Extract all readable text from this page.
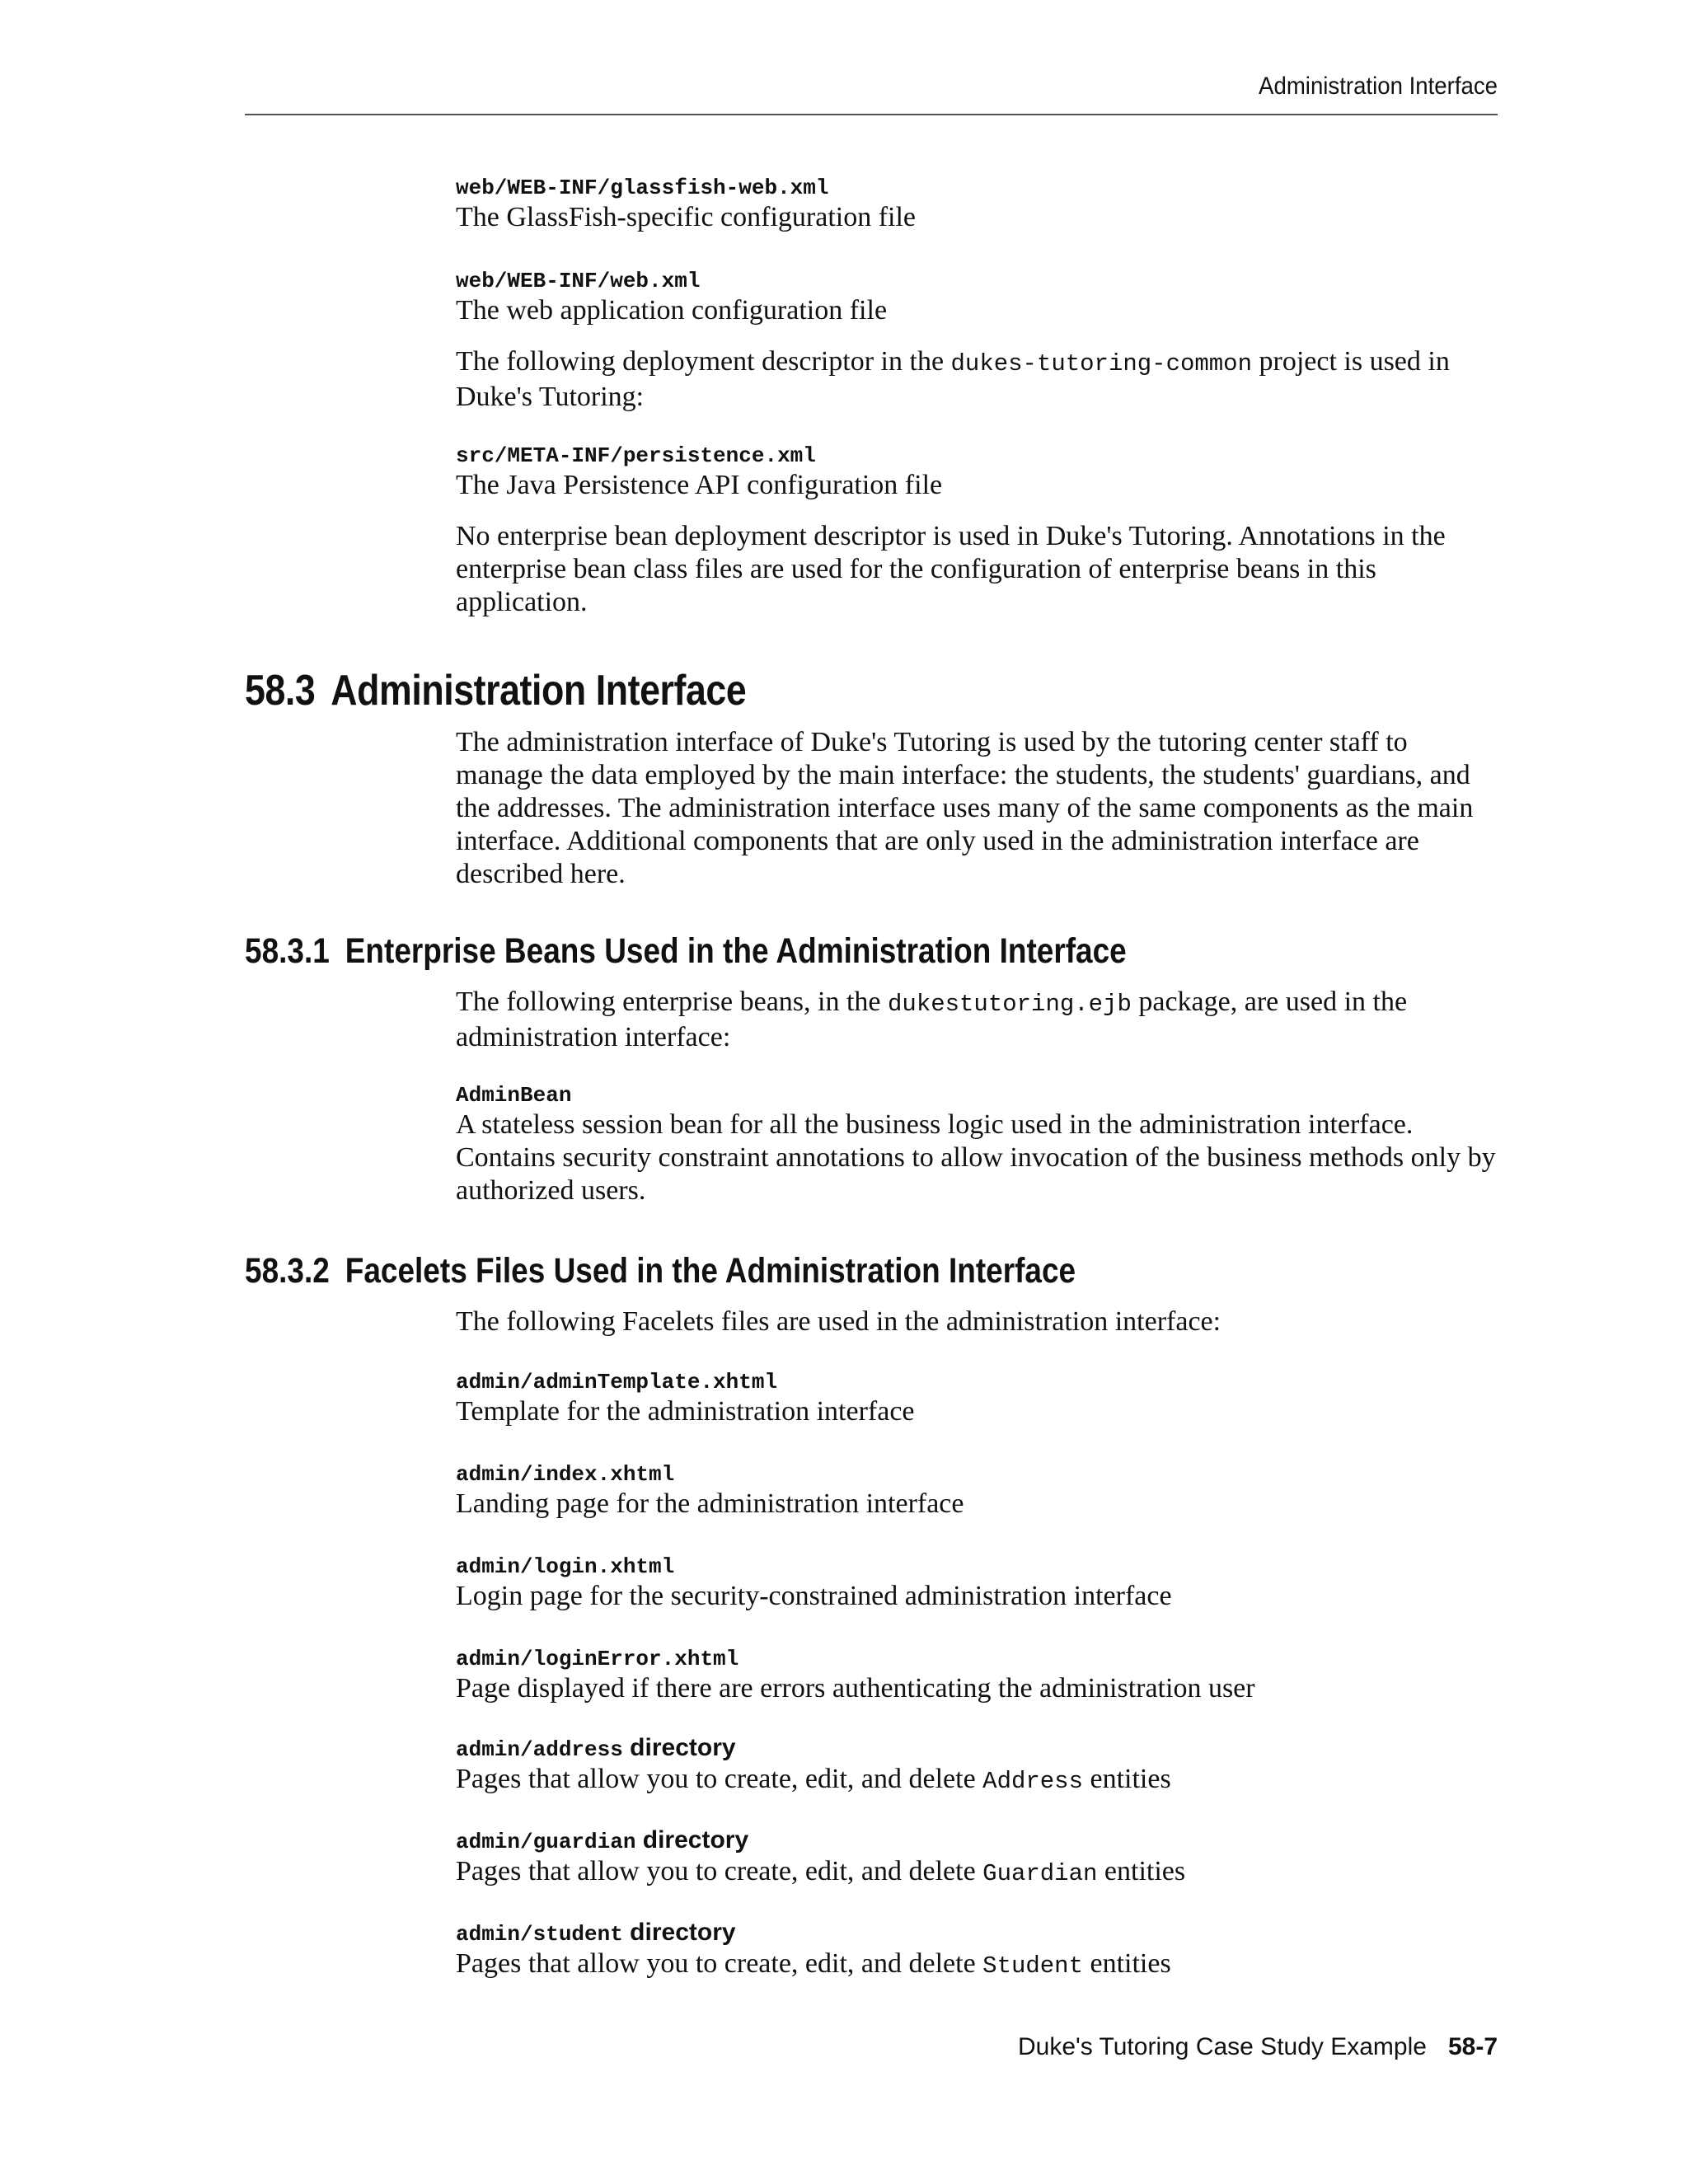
Administration Interface
web/WEB-INF/glassfish-web.xml
The GlassFish-specific configuration file
web/WEB-INF/web.xml
The web application configuration file

The following deployment descriptor in the dukes-tutoring-common project is used in Duke's Tutoring:

src/META-INF/persistence.xml
The Java Persistence API configuration file

No enterprise bean deployment descriptor is used in Duke's Tutoring. Annotations in the enterprise bean class files are used for the configuration of enterprise beans in this application.

58.3 Administration Interface

The administration interface of Duke's Tutoring is used by the tutoring center staff to manage the data employed by the main interface: the students, the students' guardians, and the addresses. The administration interface uses many of the same components as the main interface. Additional components that are only used in the administration interface are described here.

58.3.1 Enterprise Beans Used in the Administration Interface

The following enterprise beans, in the dukestutoring.ejb package, are used in the administration interface:

AdminBean
A stateless session bean for all the business logic used in the administration interface. Contains security constraint annotations to allow invocation of the business methods only by authorized users.
58.3.2 Facelets Files Used in the Administration Interface

The following Facelets files are used in the administration interface:

admin/adminTemplate.xhtml
Template for the administration interface
admin/index.xhtml
Landing page for the administration interface
admin/login.xhtml
Login page for the security-constrained administration interface
admin/loginError.xhtml
Page displayed if there are errors authenticating the administration user
admin/address directory
Pages that allow you to create, edit, and delete Address entities
admin/guardian directory
Pages that allow you to create, edit, and delete Guardian entities
admin/student directory
Pages that allow you to create, edit, and delete Student entities
Duke's Tutoring Case Study Example 58-7
